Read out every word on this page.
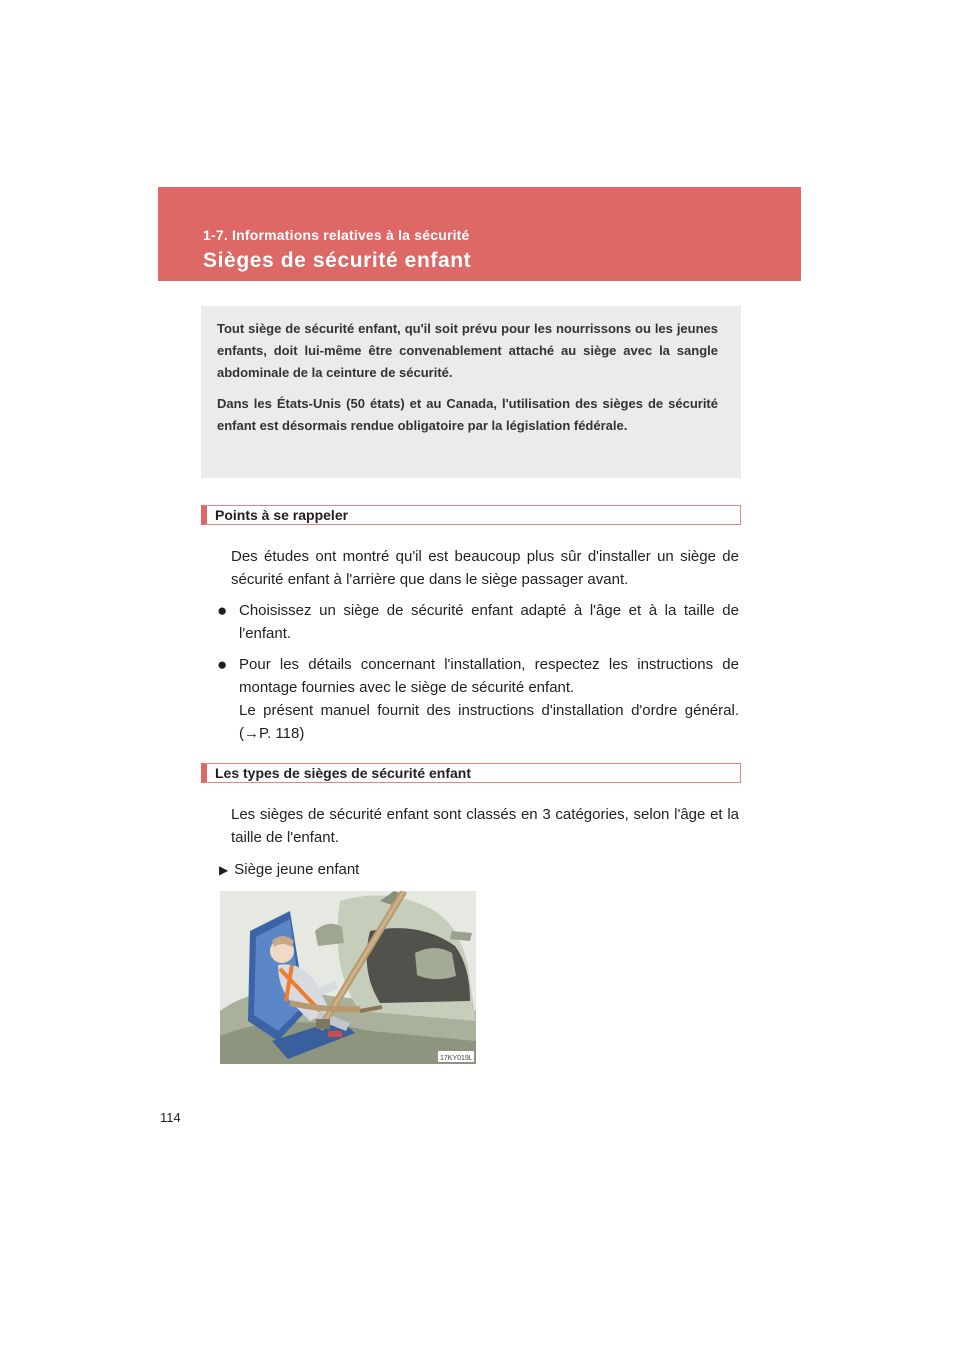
1-7. Informations relatives à la sécurité
Sièges de sécurité enfant

Tout siège de sécurité enfant, qu'il soit prévu pour les nourrissons ou les jeunes enfants, doit lui-même être convenablement attaché au siège avec la sangle abdominale de la ceinture de sécurité.

Dans les États-Unis (50 états) et au Canada, l'utilisation des sièges de sécurité enfant est désormais rendue obligatoire par la législation fédérale.

Points à se rappeler
Des études ont montré qu'il est beaucoup plus sûr d'installer un siège de sécurité enfant à l'arrière que dans le siège passager avant.
● Choisissez un siège de sécurité enfant adapté à l'âge et à la taille de l'enfant.
● Pour les détails concernant l'installation, respectez les instructions de montage fournies avec le siège de sécurité enfant.
Le présent manuel fournit des instructions d'installation d'ordre général. (→P. 118)
Les types de sièges de sécurité enfant
Les sièges de sécurité enfant sont classés en 3 catégories, selon l'âge et la taille de l'enfant.
▶ Siège jeune enfant
17KY019L
114
